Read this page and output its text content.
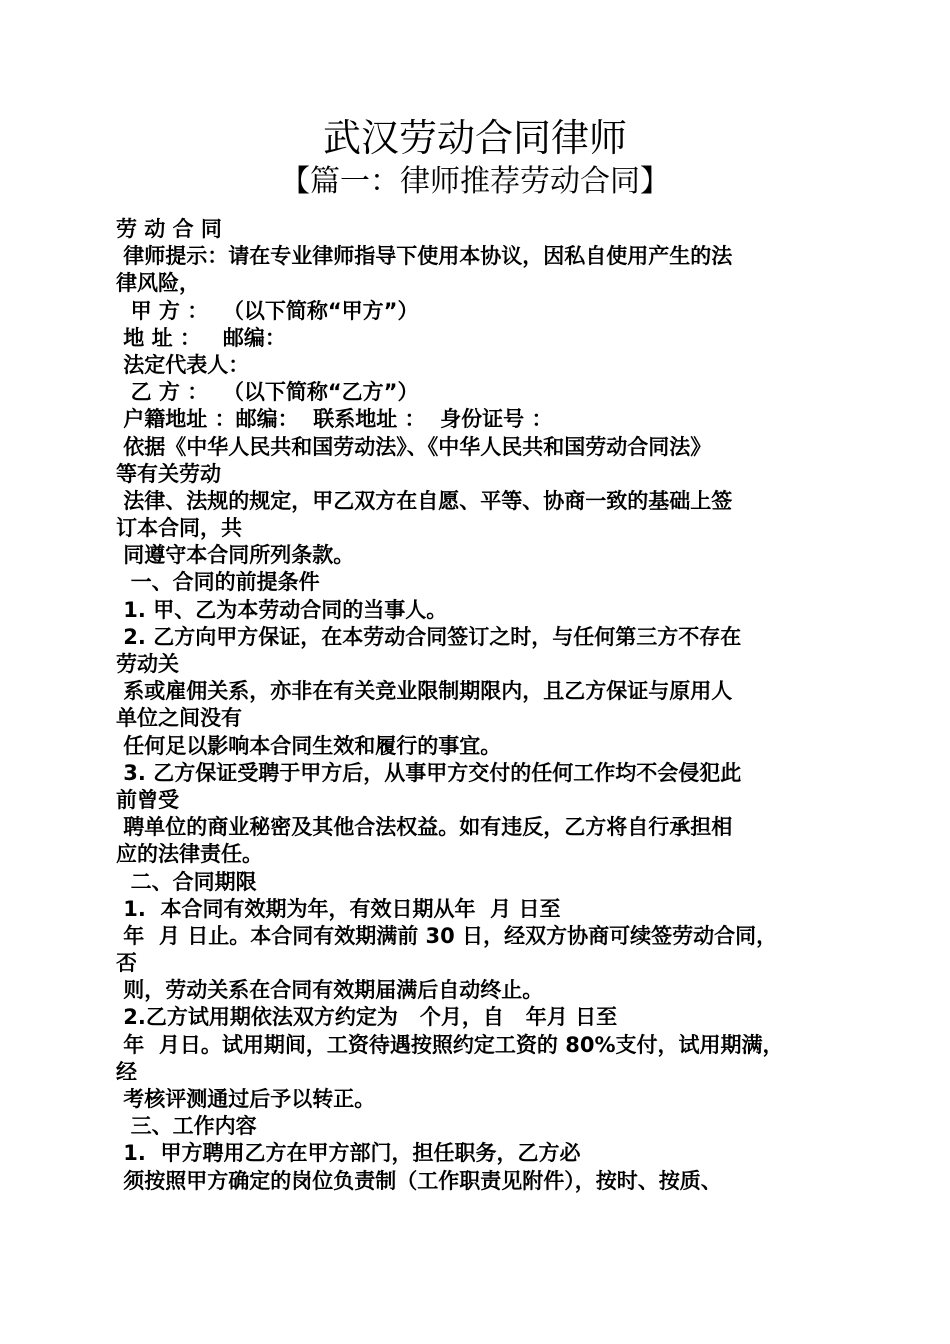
武汉劳动合同律师
【篇一：律师推荐劳动合同】

劳 动 合 同

律师提示：请在专业律师指导下使用本协议，因私自使用产生的法

律风险，

甲 方 ：  （以下简称“甲方”）

地 址 ：   邮编：

法定代表人：

乙 方 ：  （以下简称“乙方”）

户籍地址 ：邮编：  联系地址 ：  身份证号 ：

依据《中华人民共和国劳动法》、《中华人民共和国劳动合同法》

等有关劳动

法律、法规的规定，甲乙双方在自愿、平等、协商一致的基础上签

订本合同，共

同遵守本合同所列条款。

一、合同的前提条件

1. 甲、乙为本劳动合同的当事人。

2. 乙方向甲方保证，在本劳动合同签订之时，与任何第三方不存在

劳动关

系或雇佣关系，亦非在有关竞业限制期限内，且乙方保证与原用人

单位之间没有

任何足以影响本合同生效和履行的事宜。

3. 乙方保证受聘于甲方后，从事甲方交付的任何工作均不会侵犯此

前曾受

聘单位的商业秘密及其他合法权益。如有违反，乙方将自行承担相

应的法律责任。

二、合同期限

1.  本合同有效期为年，有效日期从年  月 日至

年  月 日止。本合同有效期满前 30 日，经双方协商可续签劳动合同，

否

则，劳动关系在合同有效期届满后自动终止。

2.乙方试用期依法双方约定为   个月，自   年月 日至

年  月日。试用期间，工资待遇按照约定工资的 80%支付，试用期满，

经

考核评测通过后予以转正。

三、工作内容

1.  甲方聘用乙方在甲方部门，担任职务，乙方必

须按照甲方确定的岗位负责制（工作职责见附件），按时、按质、
